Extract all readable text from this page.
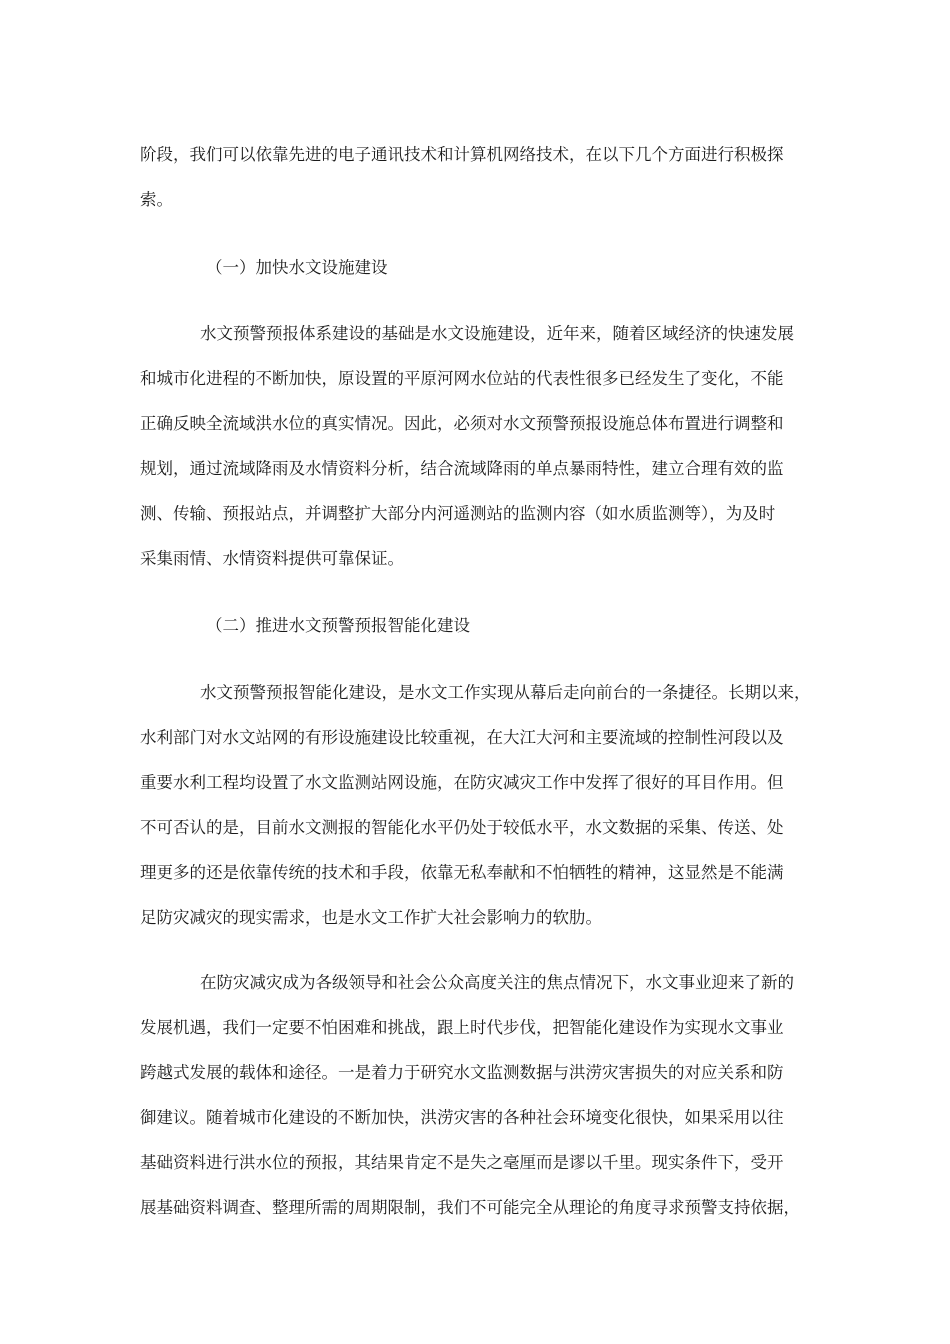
阶段，我们可以依靠先进的电子通讯技术和计算机网络技术，在以下几个方面进行积极探
索。
（一）加快水文设施建设
水文预警预报体系建设的基础是水文设施建设，近年来，随着区域经济的快速发展
和城市化进程的不断加快，原设置的平原河网水位站的代表性很多已经发生了变化，不能
正确反映全流域洪水位的真实情况。因此，必须对水文预警预报设施总体布置进行调整和
规划，通过流域降雨及水情资料分析，结合流域降雨的单点暴雨特性，建立合理有效的监
测、传输、预报站点，并调整扩大部分内河遥测站的监测内容（如水质监测等），为及时
采集雨情、水情资料提供可靠保证。
（二）推进水文预警预报智能化建设
水文预警预报智能化建设，是水文工作实现从幕后走向前台的一条捷径。长期以来，
水利部门对水文站网的有形设施建设比较重视，在大江大河和主要流域的控制性河段以及
重要水利工程均设置了水文监测站网设施，在防灾减灾工作中发挥了很好的耳目作用。但
不可否认的是，目前水文测报的智能化水平仍处于较低水平，水文数据的采集、传送、处
理更多的还是依靠传统的技术和手段，依靠无私奉献和不怕牺牲的精神，这显然是不能满
足防灾减灾的现实需求，也是水文工作扩大社会影响力的软肋。
在防灾减灾成为各级领导和社会公众高度关注的焦点情况下，水文事业迎来了新的
发展机遇，我们一定要不怕困难和挑战，跟上时代步伐，把智能化建设作为实现水文事业
跨越式发展的载体和途径。一是着力于研究水文监测数据与洪涝灾害损失的对应关系和防
御建议。随着城市化建设的不断加快，洪涝灾害的各种社会环境变化很快，如果采用以往
基础资料进行洪水位的预报，其结果肯定不是失之毫厘而是谬以千里。现实条件下，受开
展基础资料调查、整理所需的周期限制，我们不可能完全从理论的角度寻求预警支持依据，
